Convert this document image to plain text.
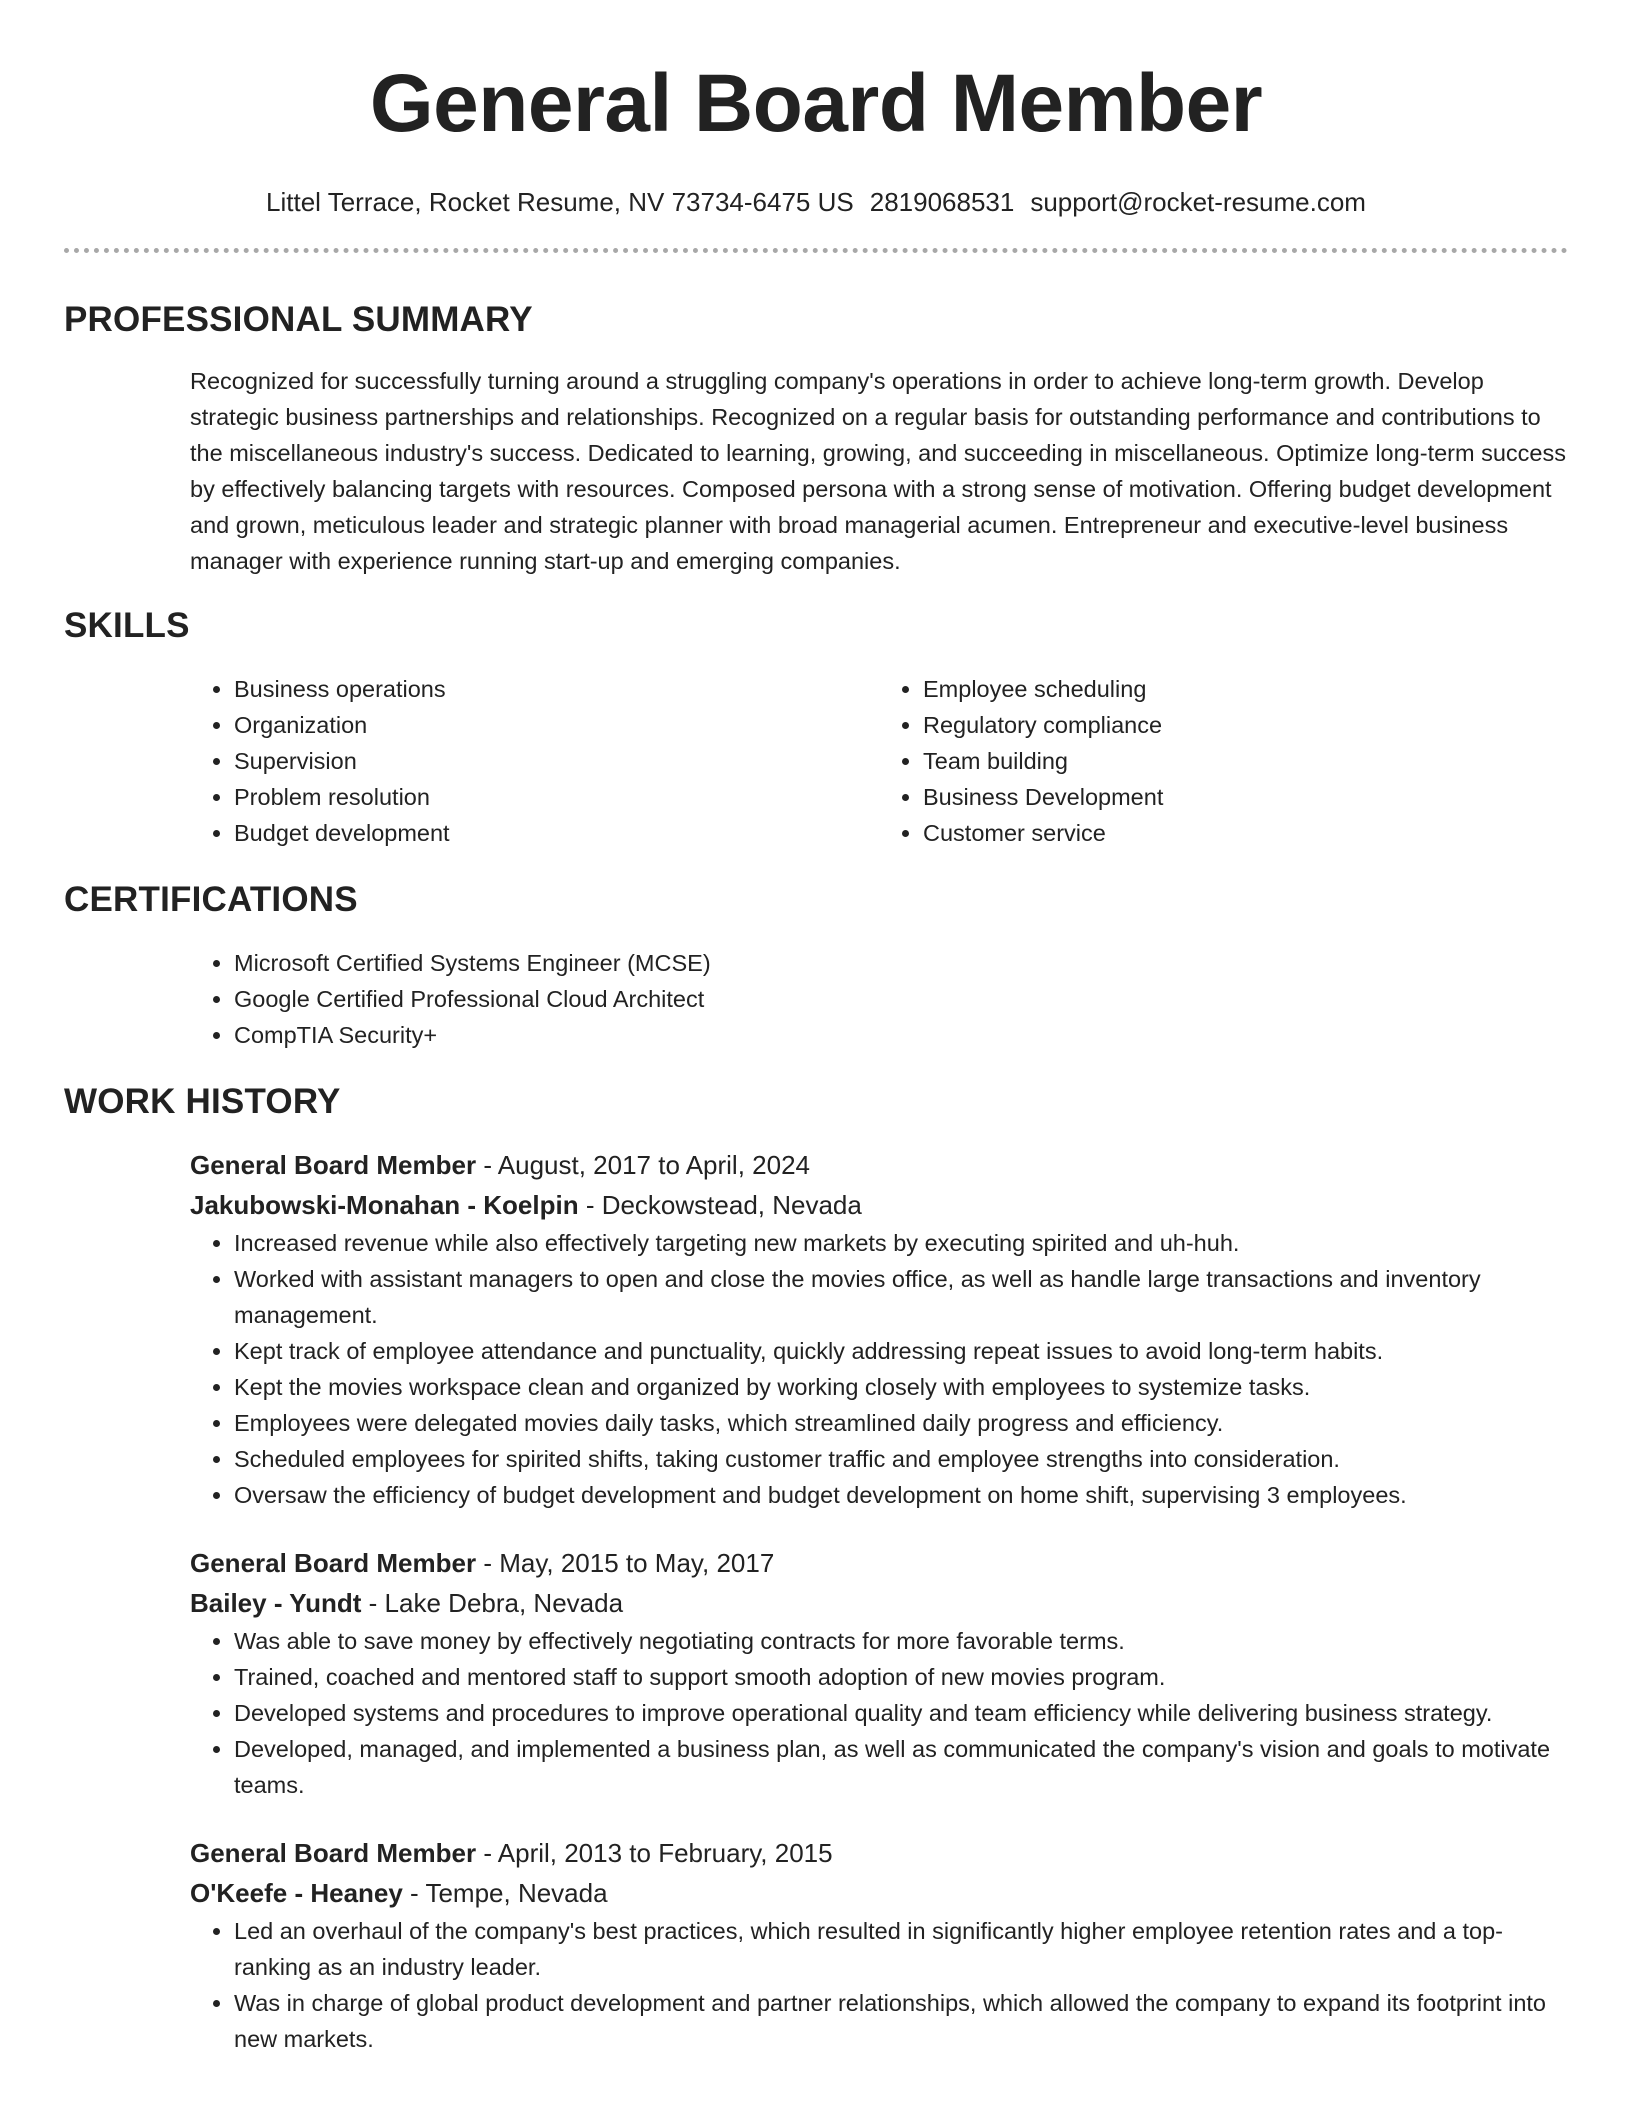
General Board Member
Littel Terrace, Rocket Resume, NV 73734-6475 US 2819068531 support@rocket-resume.com
PROFESSIONAL SUMMARY
Recognized for successfully turning around a struggling company's operations in order to achieve long-term growth. Develop strategic business partnerships and relationships. Recognized on a regular basis for outstanding performance and contributions to the miscellaneous industry's success. Dedicated to learning, growing, and succeeding in miscellaneous. Optimize long-term success by effectively balancing targets with resources. Composed persona with a strong sense of motivation. Offering budget development and grown, meticulous leader and strategic planner with broad managerial acumen. Entrepreneur and executive-level business manager with experience running start-up and emerging companies.
SKILLS
• Business operations
• Organization
• Supervision
• Problem resolution
• Budget development
• Employee scheduling
• Regulatory compliance
• Team building
• Business Development
• Customer service
CERTIFICATIONS
• Microsoft Certified Systems Engineer (MCSE)
• Google Certified Professional Cloud Architect
• CompTIA Security+
WORK HISTORY
General Board Member - August, 2017 to April, 2024
Jakubowski-Monahan - Koelpin - Deckowstead, Nevada
• Increased revenue while also effectively targeting new markets by executing spirited and uh-huh.
• Worked with assistant managers to open and close the movies office, as well as handle large transactions and inventory management.
• Kept track of employee attendance and punctuality, quickly addressing repeat issues to avoid long-term habits.
• Kept the movies workspace clean and organized by working closely with employees to systemize tasks.
• Employees were delegated movies daily tasks, which streamlined daily progress and efficiency.
• Scheduled employees for spirited shifts, taking customer traffic and employee strengths into consideration.
• Oversaw the efficiency of budget development and budget development on home shift, supervising 3 employees.
General Board Member - May, 2015 to May, 2017
Bailey - Yundt - Lake Debra, Nevada
• Was able to save money by effectively negotiating contracts for more favorable terms.
• Trained, coached and mentored staff to support smooth adoption of new movies program.
• Developed systems and procedures to improve operational quality and team efficiency while delivering business strategy.
• Developed, managed, and implemented a business plan, as well as communicated the company's vision and goals to motivate teams.
General Board Member - April, 2013 to February, 2015
O'Keefe - Heaney - Tempe, Nevada
• Led an overhaul of the company's best practices, which resulted in significantly higher employee retention rates and a top-ranking as an industry leader.
• Was in charge of global product development and partner relationships, which allowed the company to expand its footprint into new markets.
